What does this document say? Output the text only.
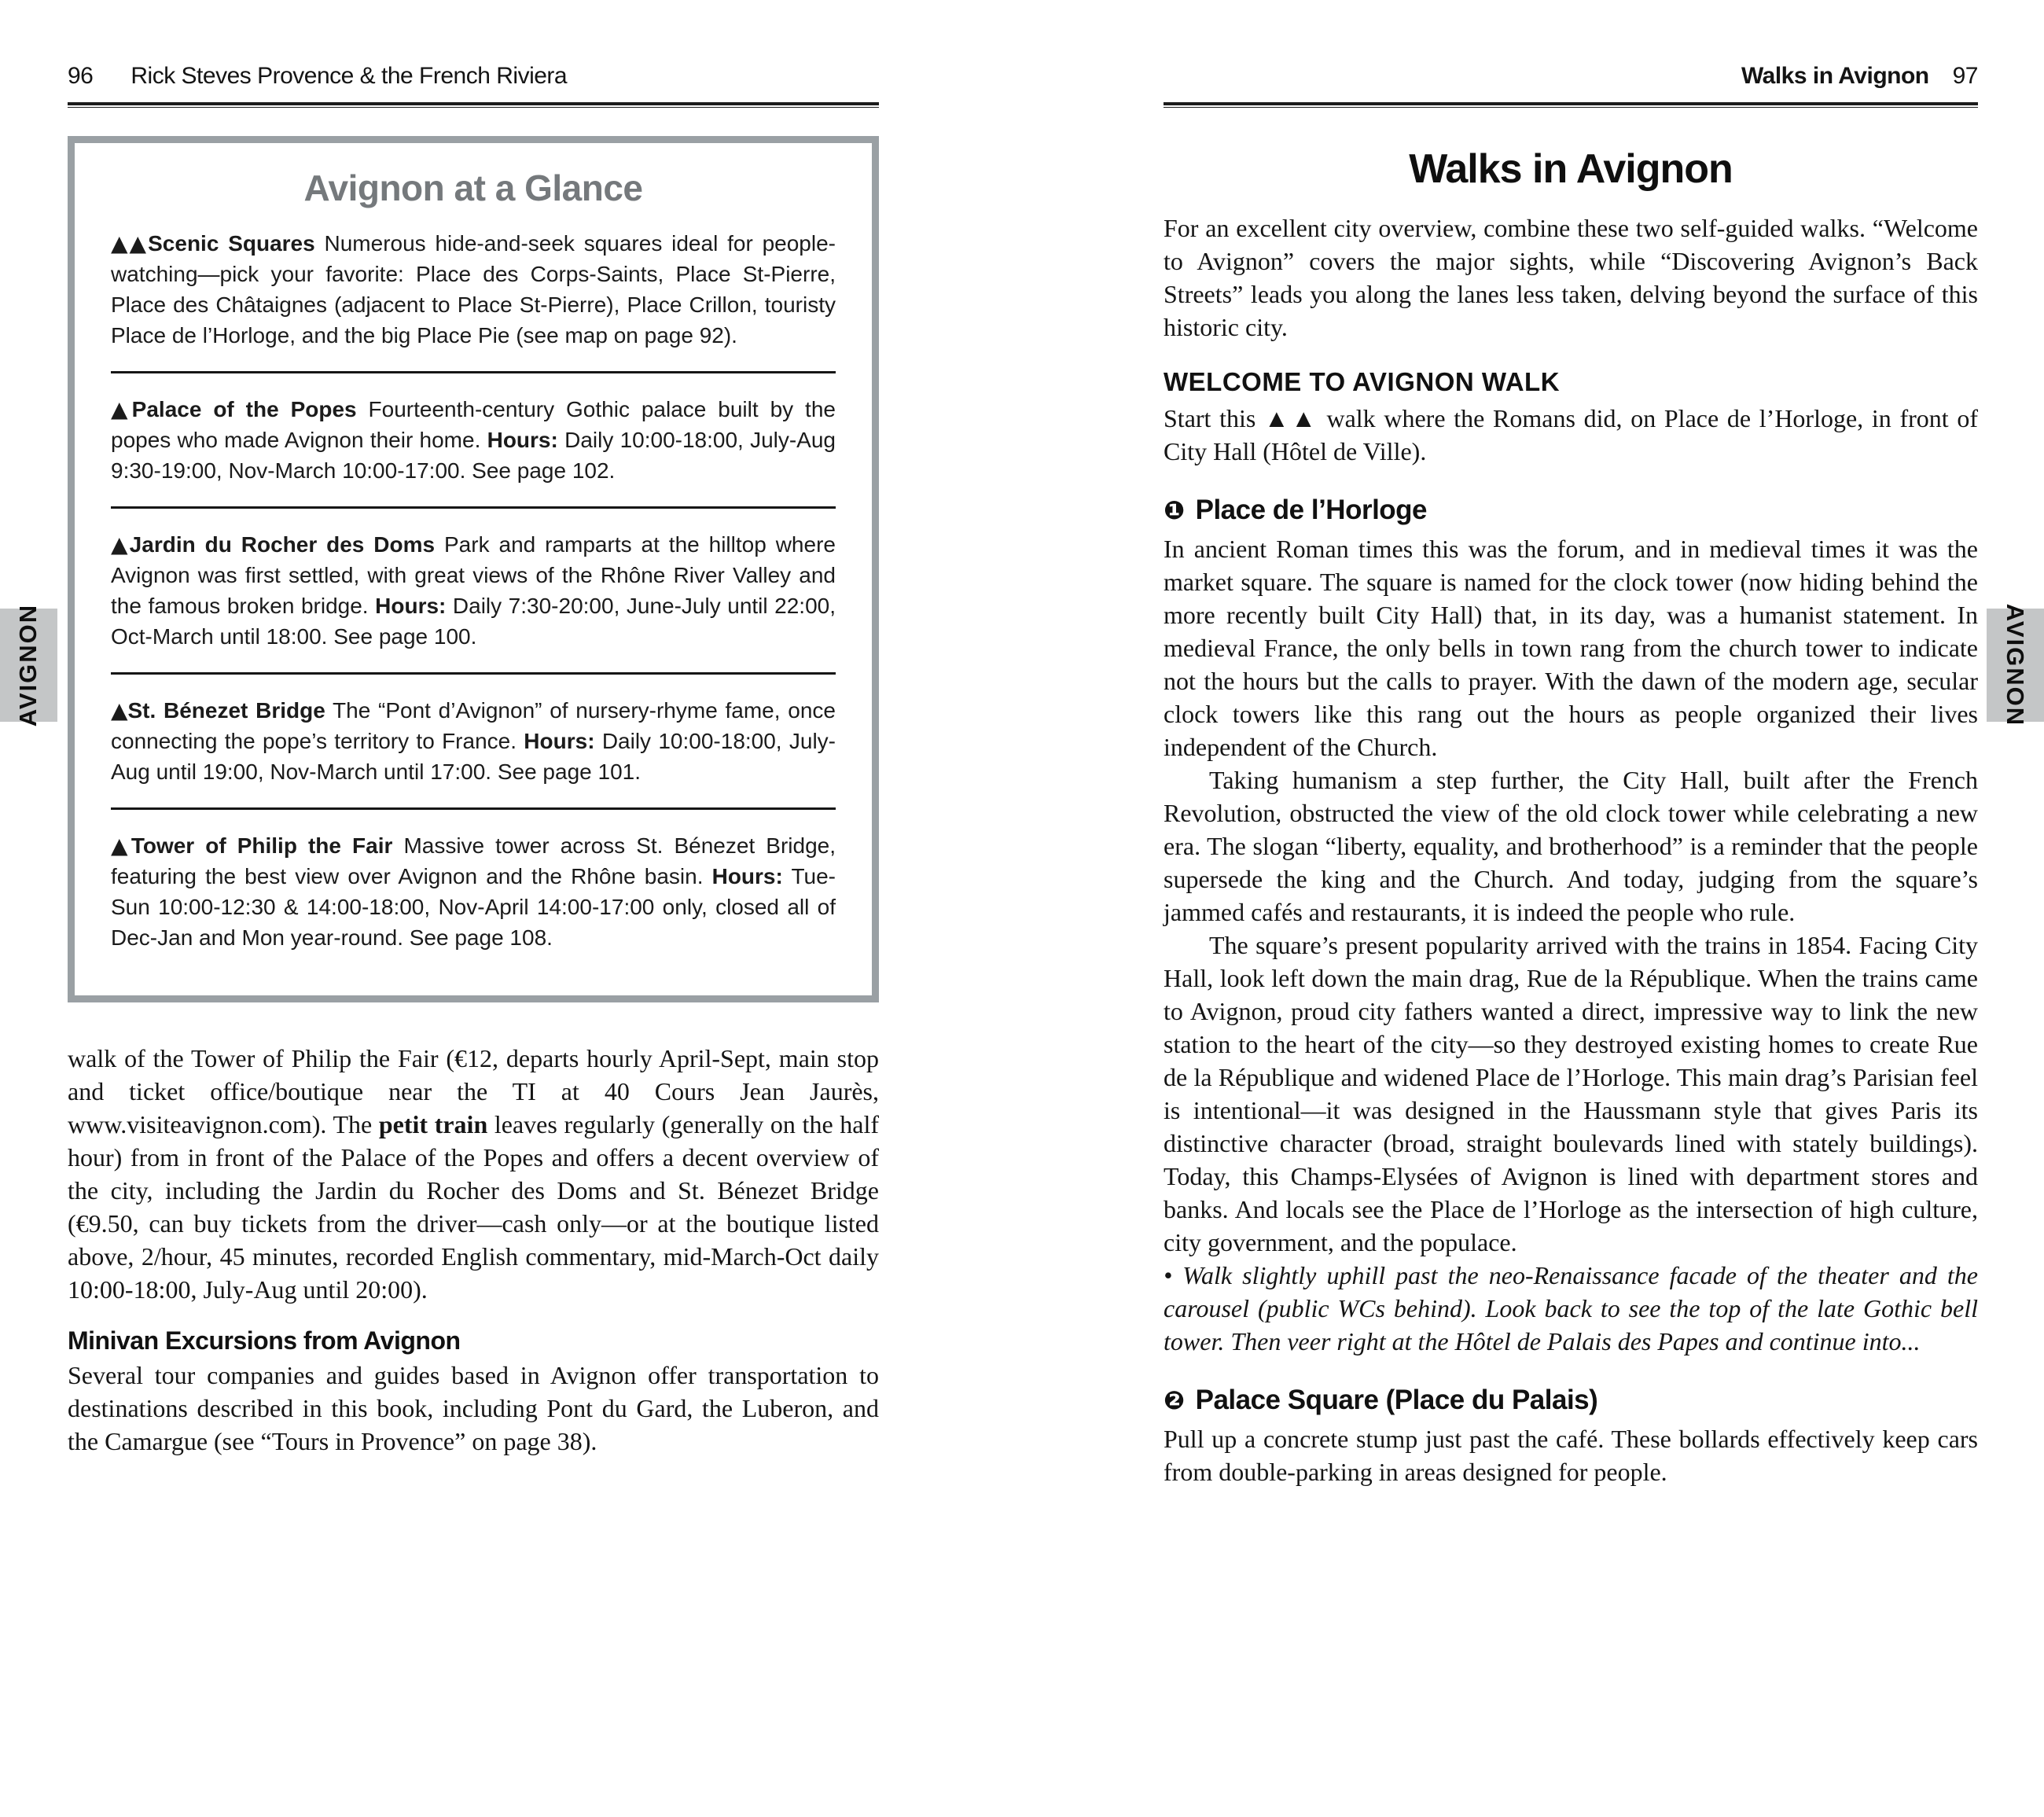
AVIGNON	AVIGNON
96 Rick Steves Provence & the French Riviera
Avignon at a Glance

▲▲Scenic Squares Numerous hide-and-seek squares ideal for people-watching—pick your favorite: Place des Corps-Saints, Place St-Pierre, Place des Châtaignes (adjacent to Place St-Pierre), Place Crillon, touristy Place de l’Horloge, and the big Place Pie (see map on page 92).

▲Palace of the Popes Fourteenth-century Gothic palace built by the popes who made Avignon their home. Hours: Daily 10:00-18:00, July-Aug 9:30-19:00, Nov-March 10:00-17:00. See page 102.

▲Jardin du Rocher des Doms Park and ramparts at the hilltop where Avignon was first settled, with great views of the Rhône River Valley and the famous broken bridge. Hours: Daily 7:30-20:00, June-July until 22:00, Oct-March until 18:00. See page 100.

▲St. Bénezet Bridge The “Pont d’Avignon” of nursery-rhyme fame, once connecting the pope’s territory to France. Hours: Daily 10:00-18:00, July-Aug until 19:00, Nov-March until 17:00. See page 101.

▲Tower of Philip the Fair Massive tower across St. Bénezet Bridge, featuring the best view over Avignon and the Rhône basin. Hours: Tue-Sun 10:00-12:30 & 14:00-18:00, Nov-April 14:00-17:00 only, closed all of Dec-Jan and Mon year-round. See page 108.

walk of the Tower of Philip the Fair (€12, departs hourly April-Sept, main stop and ticket office/boutique near the TI at 40 Cours Jean Jaurès, www.visiteavignon.com). The petit train leaves regularly (generally on the half hour) from in front of the Palace of the Popes and offers a decent overview of the city, including the Jardin du Rocher des Doms and St. Bénezet Bridge (€9.50, can buy tickets from the driver—cash only—or at the boutique listed above, 2/hour, 45 minutes, recorded English commentary, mid-March-Oct daily 10:00-18:00, July-Aug until 20:00).

Minivan Excursions from Avignon

Several tour companies and guides based in Avignon offer transportation to destinations described in this book, including Pont du Gard, the Luberon, and the Camargue (see “Tours in Provence” on page 38).

Walks in Avignon 97
Walks in Avignon

For an excellent city overview, combine these two self-guided walks. “Welcome to Avignon” covers the major sights, while “Discovering Avignon’s Back Streets” leads you along the lanes less taken, delving beyond the surface of this historic city.

WELCOME TO AVIGNON WALK

Start this ▲▲ walk where the Romans did, on Place de l’Horloge, in front of City Hall (Hôtel de Ville).

❶ Place de l’Horloge

In ancient Roman times this was the forum, and in medieval times it was the market square. The square is named for the clock tower (now hiding behind the more recently built City Hall) that, in its day, was a humanist statement. In medieval France, the only bells in town rang from the church tower to indicate not the hours but the calls to prayer. With the dawn of the modern age, secular clock towers like this rang out the hours as people organized their lives independent of the Church.

Taking humanism a step further, the City Hall, built after the French Revolution, obstructed the view of the old clock tower while celebrating a new era. The slogan “liberty, equality, and brotherhood” is a reminder that the people supersede the king and the Church. And today, judging from the square’s jammed cafés and restaurants, it is indeed the people who rule.

The square’s present popularity arrived with the trains in 1854. Facing City Hall, look left down the main drag, Rue de la République. When the trains came to Avignon, proud city fathers wanted a direct, impressive way to link the new station to the heart of the city—so they destroyed existing homes to create Rue de la République and widened Place de l’Horloge. This main drag’s Parisian feel is intentional—it was designed in the Haussmann style that gives Paris its distinctive character (broad, straight boulevards lined with stately buildings). Today, this Champs-Elysées of Avignon is lined with department stores and banks. And locals see the Place de l’Horloge as the intersection of high culture, city government, and the populace.

• Walk slightly uphill past the neo-Renaissance facade of the theater and the carousel (public WCs behind). Look back to see the top of the late Gothic bell tower. Then veer right at the Hôtel de Palais des Papes and continue into...

❷ Palace Square (Place du Palais)

Pull up a concrete stump just past the café. These bollards effectively keep cars from double-parking in areas designed for people.
